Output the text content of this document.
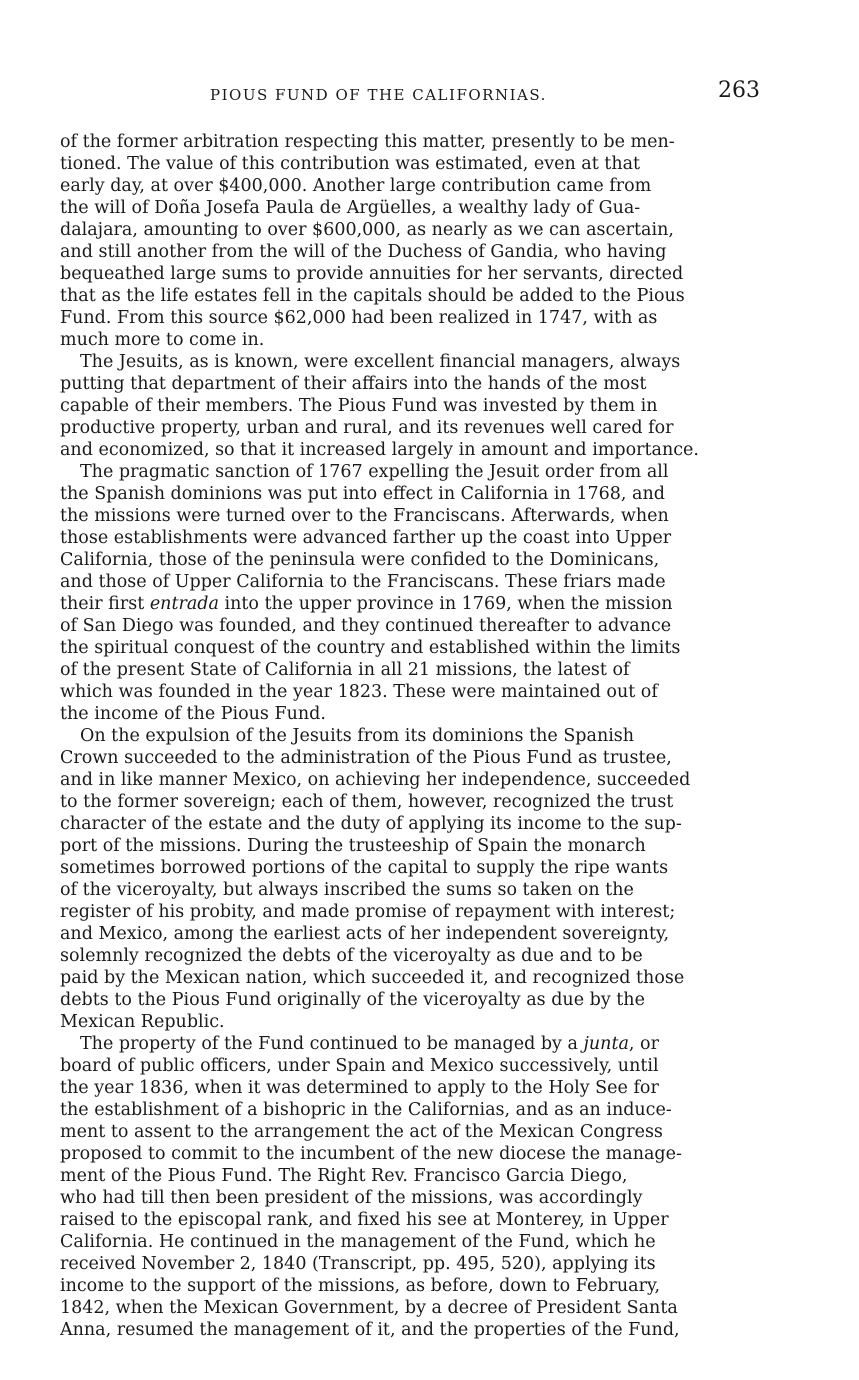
PIOUS FUND OF THE CALIFORNIAS.	263
of the former arbitration respecting this matter, presently to be men-
tioned. The value of this contribution was estimated, even at that
early day, at over $400,000. Another large contribution came from
the will of Doña Josefa Paula de Argüelles, a wealthy lady of Gua-
dalajara, amounting to over $600,000, as nearly as we can ascertain,
and still another from the will of the Duchess of Gandia, who having
bequeathed large sums to provide annuities for her servants, directed
that as the life estates fell in the capitals should be added to the Pious
Fund. From this source $62,000 had been realized in 1747, with as
much more to come in.
The Jesuits, as is known, were excellent financial managers, always
putting that department of their affairs into the hands of the most
capable of their members. The Pious Fund was invested by them in
productive property, urban and rural, and its revenues well cared for
and economized, so that it increased largely in amount and importance.
The pragmatic sanction of 1767 expelling the Jesuit order from all
the Spanish dominions was put into effect in California in 1768, and
the missions were turned over to the Franciscans. Afterwards, when
those establishments were advanced farther up the coast into Upper
California, those of the peninsula were confided to the Dominicans,
and those of Upper California to the Franciscans. These friars made
their first entrada into the upper province in 1769, when the mission
of San Diego was founded, and they continued thereafter to advance
the spiritual conquest of the country and established within the limits
of the present State of California in all 21 missions, the latest of
which was founded in the year 1823. These were maintained out of
the income of the Pious Fund.
On the expulsion of the Jesuits from its dominions the Spanish
Crown succeeded to the administration of the Pious Fund as trustee,
and in like manner Mexico, on achieving her independence, succeeded
to the former sovereign; each of them, however, recognized the trust
character of the estate and the duty of applying its income to the sup-
port of the missions. During the trusteeship of Spain the monarch
sometimes borrowed portions of the capital to supply the ripe wants
of the viceroyalty, but always inscribed the sums so taken on the
register of his probity, and made promise of repayment with interest;
and Mexico, among the earliest acts of her independent sovereignty,
solemnly recognized the debts of the viceroyalty as due and to be
paid by the Mexican nation, which succeeded it, and recognized those
debts to the Pious Fund originally of the viceroyalty as due by the
Mexican Republic.
The property of the Fund continued to be managed by a junta, or
board of public officers, under Spain and Mexico successively, until
the year 1836, when it was determined to apply to the Holy See for
the establishment of a bishopric in the Californias, and as an induce-
ment to assent to the arrangement the act of the Mexican Congress
proposed to commit to the incumbent of the new diocese the manage-
ment of the Pious Fund. The Right Rev. Francisco Garcia Diego,
who had till then been president of the missions, was accordingly
raised to the episcopal rank, and fixed his see at Monterey, in Upper
California. He continued in the management of the Fund, which he
received November 2, 1840 (Transcript, pp. 495, 520), applying its
income to the support of the missions, as before, down to February,
1842, when the Mexican Government, by a decree of President Santa
Anna, resumed the management of it, and the properties of the Fund,
